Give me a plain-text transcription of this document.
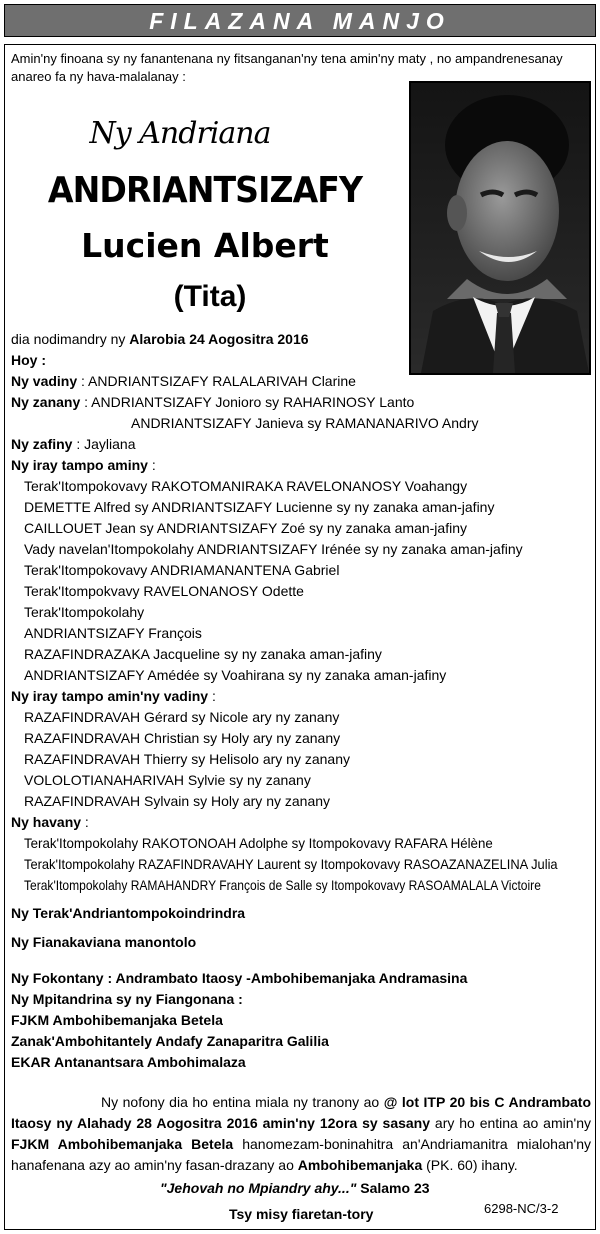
FILAZANA MANJO
Amin'ny finoana sy ny fanantenana ny fitsanganan'ny tena amin'ny maty , no ampandrenesanay anareo fa ny hava-malalanay :
Ny Andriana
ANDRIANTSIZAFY
Lucien Albert
(Tita)
dia nodimandry ny Alarobia 24 Aogositra 2016
Hoy :
Ny vadiny : ANDRIANTSIZAFY RALALARIVAH Clarine
Ny zanany : ANDRIANTSIZAFY Jonioro sy RAHARINOSY Lanto
ANDRIANTSIZAFY Janieva sy RAMANANARIVO Andry
Ny zafiny : Jayliana
Ny iray tampo aminy :
Terak'Itompokovavy RAKOTOMANIRAKA RAVELONANOSY Voahangy
DEMETTE Alfred sy ANDRIANTSIZAFY Lucienne sy ny zanaka aman-jafiny
CAILLOUET Jean sy ANDRIANTSIZAFY Zoé sy ny zanaka aman-jafiny
Vady navelan'Itompokolahy ANDRIANTSIZAFY Irénée sy ny zanaka aman-jafiny
Terak'Itompokovavy ANDRIAMANANTENA Gabriel
Terak'Itompokvavy RAVELONANOSY Odette
Terak'Itompokolahy
ANDRIANTSIZAFY François
RAZAFINDRAZAKA Jacqueline sy ny zanaka aman-jafiny
ANDRIANTSIZAFY Amédée sy Voahirana sy ny zanaka aman-jafiny
Ny iray tampo amin'ny vadiny :
RAZAFINDRAVAH Gérard sy Nicole ary ny zanany
RAZAFINDRAVAH Christian sy Holy ary ny zanany
RAZAFINDRAVAH Thierry sy Helisolo ary ny zanany
VOLOLOTIANAHARIVAH Sylvie sy ny zanany
RAZAFINDRAVAH Sylvain sy Holy ary ny zanany
Ny havany :
Terak'Itompokolahy RAKOTONOAH Adolphe sy Itompokovavy RAFARA Hélène
Terak'Itompokolahy RAZAFINDRAVAHY Laurent sy Itompokovavy RASOAZANAZELINA Julia
Terak'Itompokolahy RAMAHANDRY François de Salle sy Itompokovavy RASOAMALALA Victoire
Ny Terak'Andriantompokoindrindra
Ny Fianakaviana manontolo
Ny Fokontany : Andrambato Itaosy -Ambohibemanjaka Andramasina
Ny Mpitandrina sy ny Fiangonana :
FJKM Ambohibemanjaka Betela
Zanak'Ambohitantely Andafy Zanaparitra Galilia
EKAR Antanantsara Ambohimalaza
Ny nofony dia ho entina miala ny tranony ao @ lot ITP 20 bis C Andrambato Itaosy ny Alahady 28 Aogositra 2016 amin'ny 12ora sy sasany ary ho entina ao amin'ny FJKM Ambohibemanjaka Betela hanomezam-boninahitra an'Andriamanitra mialohan'ny hanafenana azy ao amin'ny fasan-drazany ao Ambohibemanjaka (PK. 60) ihany.
"Jehovah no Mpiandry ahy..." Salamo 23
Tsy misy fiaretan-tory	6298-NC/3-2
